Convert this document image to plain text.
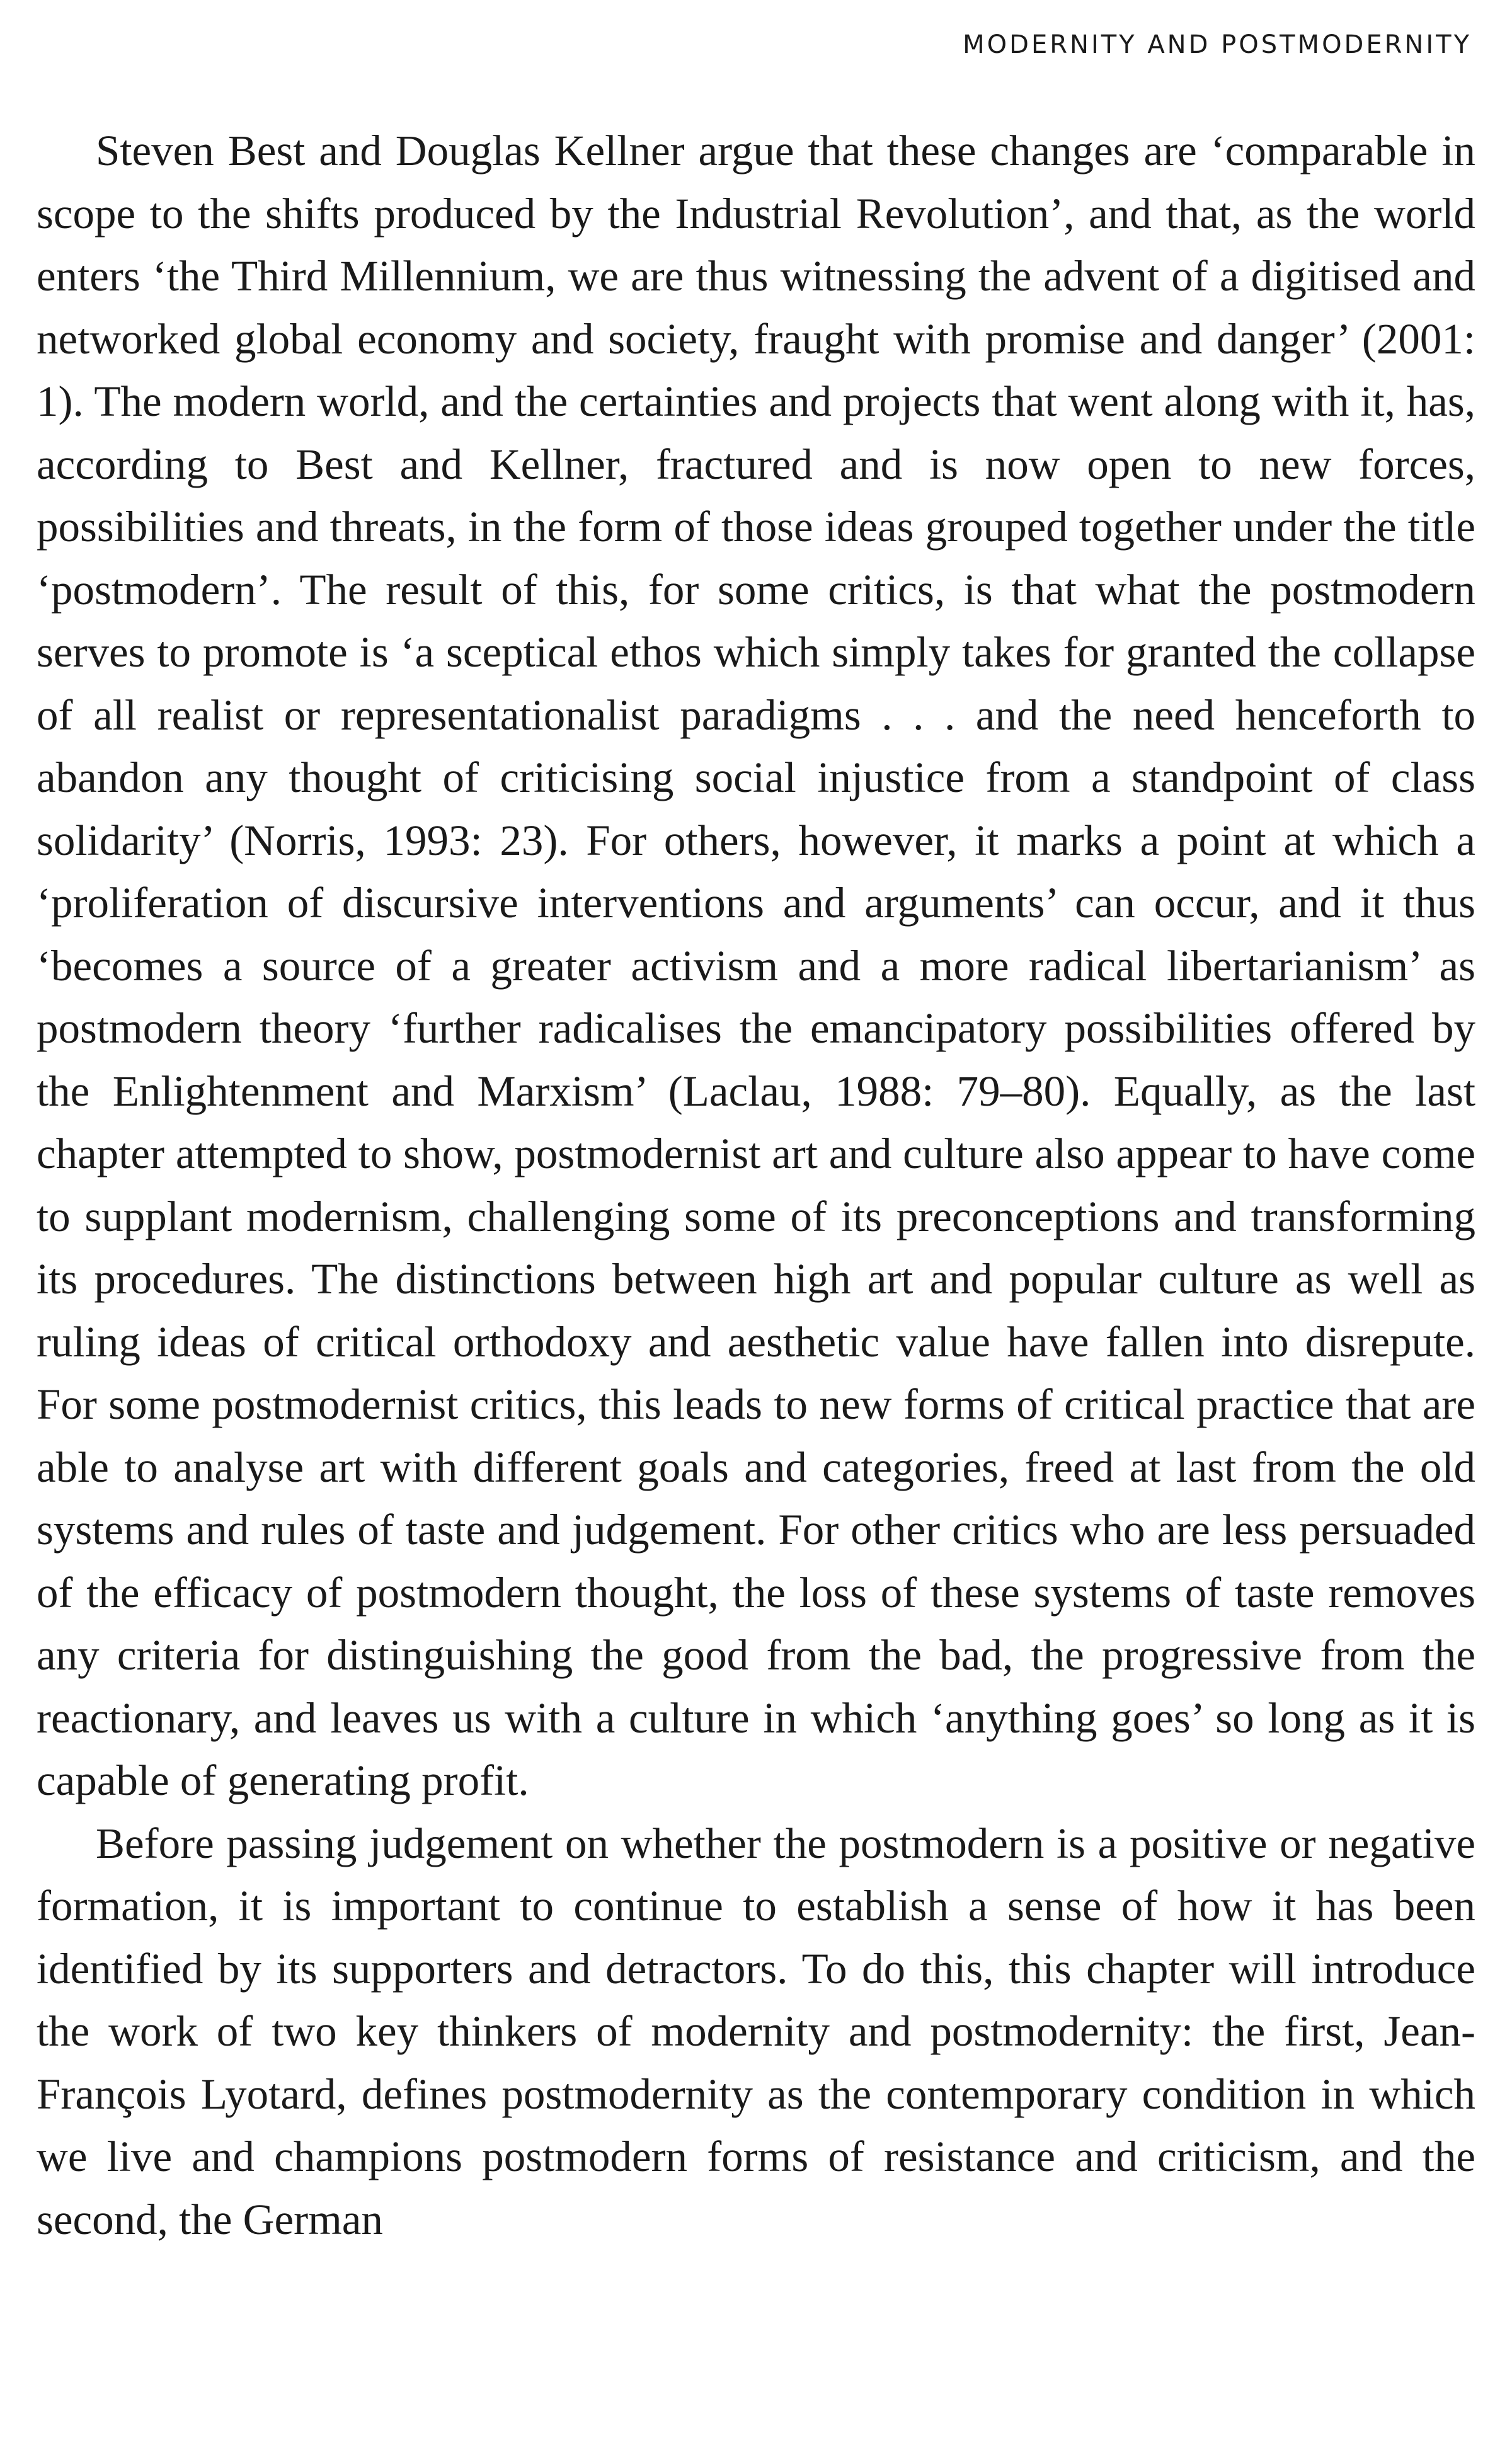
MODERNITY AND POSTMODERNITY

Steven Best and Douglas Kellner argue that these changes are ‘comparable in scope to the shifts produced by the Industrial Revolution’, and that, as the world enters ‘the Third Millennium, we are thus witnessing the advent of a digitised and networked global economy and society, fraught with promise and danger’ (2001: 1). The modern world, and the certainties and projects that went along with it, has, according to Best and Kellner, fractured and is now open to new forces, possibilities and threats, in the form of those ideas grouped together under the title ‘postmodern’. The result of this, for some critics, is that what the postmodern serves to promote is ‘a sceptical ethos which simply takes for granted the collapse of all realist or representationalist paradigms . . . and the need henceforth to abandon any thought of criticising social injustice from a standpoint of class solidarity’ (Norris, 1993: 23). For others, however, it marks a point at which a ‘proliferation of discursive interventions and arguments’ can occur, and it thus ‘becomes a source of a greater activism and a more radical libertarianism’ as postmodern theory ‘further radicalises the emancipatory possibilities offered by the Enlightenment and Marxism’ (Laclau, 1988: 79–80). Equally, as the last chapter attempted to show, postmodernist art and culture also appear to have come to supplant modernism, challenging some of its preconceptions and transforming its procedures. The distinctions between high art and popular culture as well as ruling ideas of critical orthodoxy and aesthetic value have fallen into disrepute. For some postmodernist critics, this leads to new forms of critical practice that are able to analyse art with different goals and categories, freed at last from the old systems and rules of taste and judgement. For other critics who are less persuaded of the efficacy of postmodern thought, the loss of these systems of taste removes any criteria for distinguishing the good from the bad, the progressive from the reactionary, and leaves us with a culture in which ‘anything goes’ so long as it is capable of generating profit.

Before passing judgement on whether the postmodern is a positive or negative formation, it is important to continue to establish a sense of how it has been identified by its supporters and detractors. To do this, this chapter will introduce the work of two key thinkers of modernity and postmodernity: the first, Jean-François Lyotard, defines postmodernity as the contemporary condition in which we live and champions postmodern forms of resistance and criticism, and the second, the German
